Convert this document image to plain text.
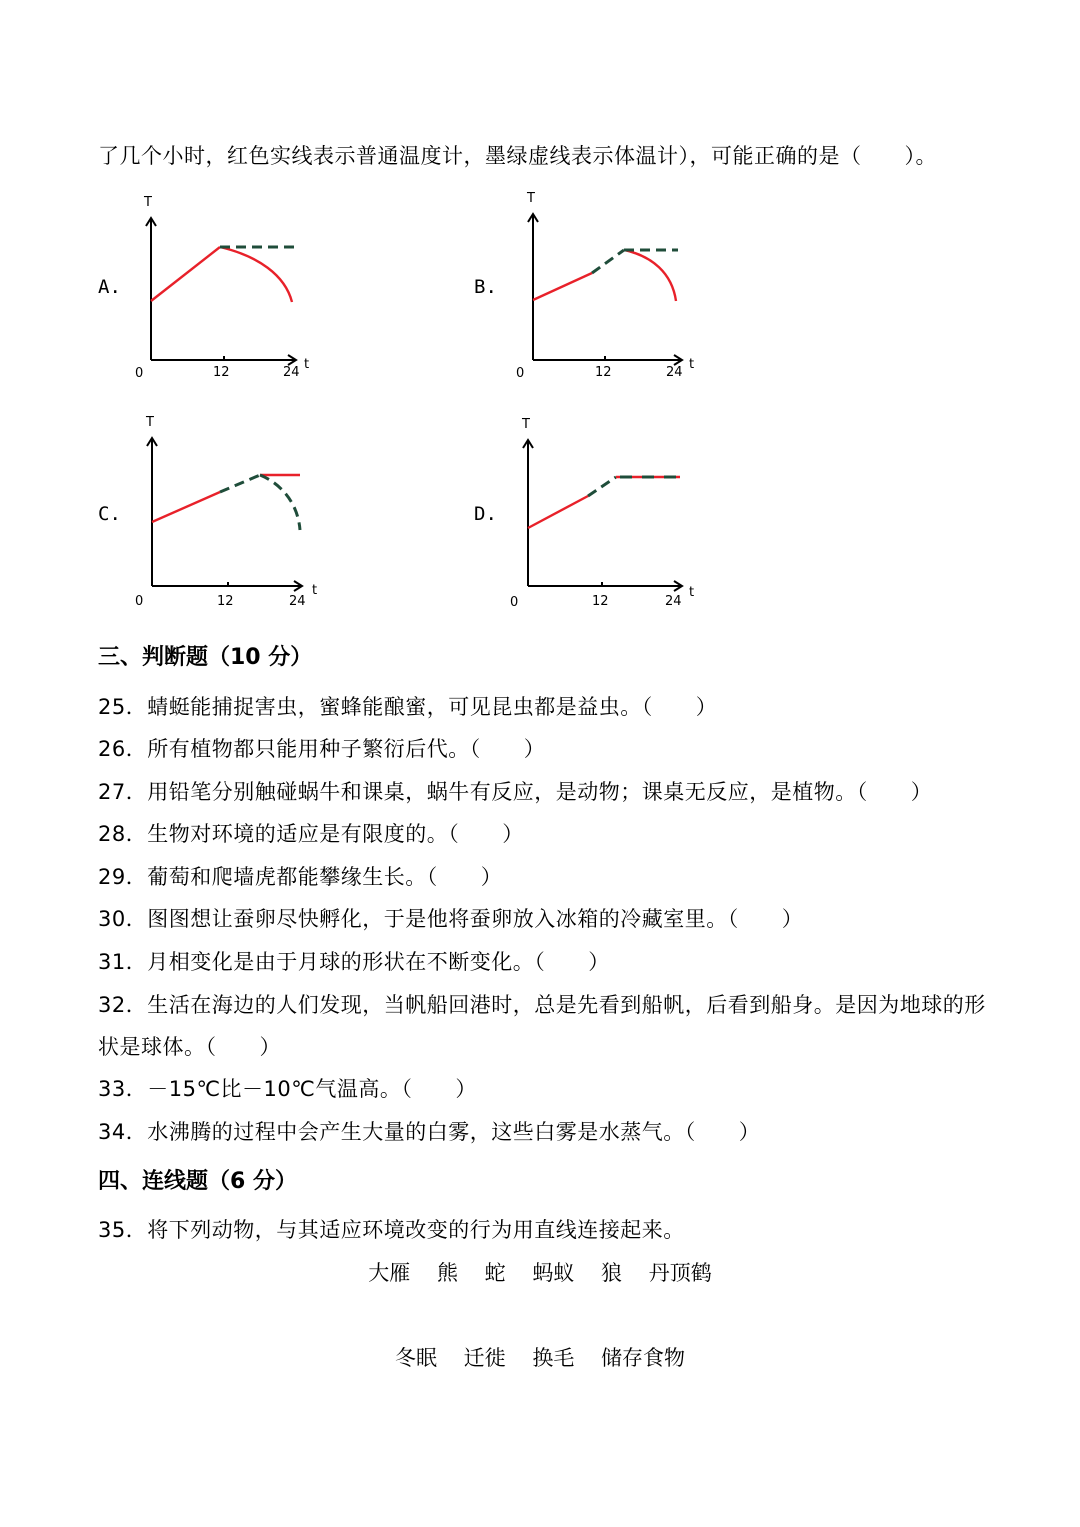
了几个小时，红色实线表示普通温度计，墨绿虚线表示体温计），可能正确的是（　　）。
A.	B.
C.	D.
T
t
0	12	24
T
t
0	12	24
T
t
0	12	24
T
t
0	12	24
三、判断题（10 分）
25．蜻蜓能捕捉害虫，蜜蜂能酿蜜，可见昆虫都是益虫。（　　）
26．所有植物都只能用种子繁衍后代。（　　）
27．用铅笔分别触碰蜗牛和课桌，蜗牛有反应，是动物；课桌无反应，是植物。（　　）
28．生物对环境的适应是有限度的。（　　）
29．葡萄和爬墙虎都能攀缘生长。（　　）
30．图图想让蚕卵尽快孵化，于是他将蚕卵放入冰箱的冷藏室里。（　　）
31．月相变化是由于月球的形状在不断变化。（　　）
32．生活在海边的人们发现，当帆船回港时，总是先看到船帆，后看到船身。是因为地球的形
状是球体。（　　）
33．－15℃比－10℃气温高。（　　）
34．水沸腾的过程中会产生大量的白雾，这些白雾是水蒸气。（　　）
四、连线题（6 分）
35．将下列动物，与其适应环境改变的行为用直线连接起来。
大雁 熊 蛇 蚂蚁 狼 丹顶鹤
冬眠 迁徙 换毛 储存食物
